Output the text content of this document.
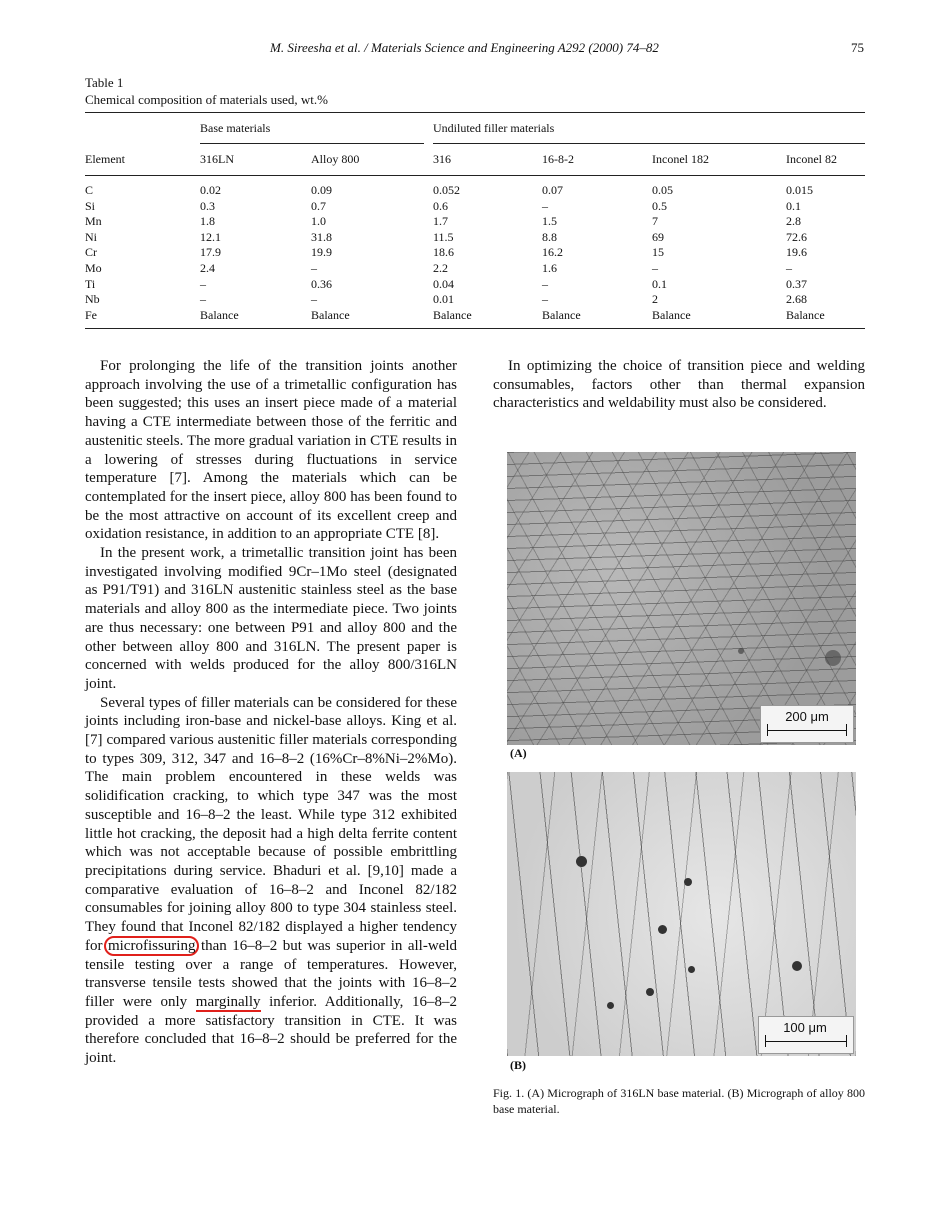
M. Sireesha et al. / Materials Science and Engineering A292 (2000) 74–82	75
Table 1
Chemical composition of materials used, wt.%
Base materials	Undiluted filler materials
Element	316LN	Alloy 800	316	16-8-2	Inconel 182	Inconel 82
C	0.02	0.09	0.052	0.07	0.05	0.015
Si	0.3	0.7	0.6	–	0.5	0.1
Mn	1.8	1.0	1.7	1.5	7	2.8
Ni	12.1	31.8	11.5	8.8	69	72.6
Cr	17.9	19.9	18.6	16.2	15	19.6
Mo	2.4	–	2.2	1.6	–	–
Ti	–	0.36	0.04	–	0.1	0.37
Nb	–	–	0.01	–	2	2.68
Fe	Balance	Balance	Balance	Balance	Balance	Balance

For prolonging the life of the transition joints another approach involving the use of a trimetallic configuration has been suggested; this uses an insert piece made of a material having a CTE intermediate between those of the ferritic and austenitic steels. The more gradual variation in CTE results in a lowering of stresses during fluctuations in service temperature [7]. Among the materials which can be contemplated for the insert piece, alloy 800 has been found to be the most attractive on account of its excellent creep and oxidation resistance, in addition to an appropriate CTE [8].

In the present work, a trimetallic transition joint has been investigated involving modified 9Cr–1Mo steel (designated as P91/T91) and 316LN austenitic stainless steel as the base materials and alloy 800 as the intermediate piece. Two joints are thus necessary: one between P91 and alloy 800 and the other between alloy 800 and 316LN. The present paper is concerned with welds produced for the alloy 800/316LN joint.

Several types of filler materials can be considered for these joints including iron-base and nickel-base alloys. King et al. [7] compared various austenitic filler materials corresponding to types 309, 312, 347 and 16–8–2 (16%Cr–8%Ni–2%Mo). The main problem encountered in these welds was solidification cracking, to which type 347 was the most susceptible and 16–8–2 the least. While type 312 exhibited little hot cracking, the deposit had a high delta ferrite content which was not acceptable because of possible embrittling precipitations during service. Bhaduri et al. [9,10] made a comparative evaluation of 16–8–2 and Inconel 82/182 consumables for joining alloy 800 to type 304 stainless steel. They found that Inconel 82/182 displayed a higher tendency for microfissuring than 16–8–2 but was superior in all-weld tensile testing over a range of temperatures. However, transverse tensile tests showed that the joints with 16–8–2 filler were only marginally inferior. Additionally, 16–8–2 provided a more satisfactory transition in CTE. It was therefore concluded that 16–8–2 should be preferred for the joint.

In optimizing the choice of transition piece and welding consumables, factors other than thermal expansion characteristics and weldability must also be considered.

200 μm
(A)
100 μm
(B)
Fig. 1. (A) Micrograph of 316LN base material. (B) Micrograph of alloy 800 base material.
